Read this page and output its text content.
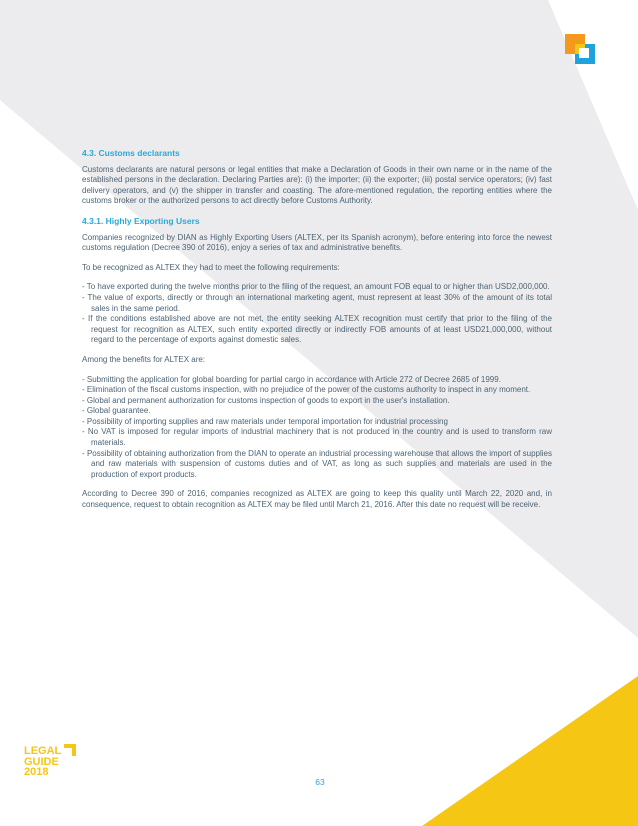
4.3. Customs declarants

Customs declarants are natural persons or legal entities that make a Declaration of Goods in their own name or in the name of the established persons in the declaration. Declaring Parties are): (i) the importer; (ii) the exporter; (iii) postal service operators; (iv) fast delivery operators, and (v) the shipper in transfer and coasting. The afore-mentioned regulation, the reporting entities where the customs broker or the authorized persons to act directly before Customs Authority.

4.3.1. Highly Exporting Users

Companies recognized by DIAN as Highly Exporting Users (ALTEX, per its Spanish acronym), before entering into force the newest customs regulation (Decree 390 of 2016), enjoy a series of tax and administrative benefits.

To be recognized as ALTEX they had to meet the following requirements:

- To have exported during the twelve months prior to the filing of the request, an amount FOB equal to or higher than USD2,000,000.
- The value of exports, directly or through an international marketing agent, must represent at least 30% of the amount of its total sales in the same period.
- If the conditions established above are not met, the entity seeking ALTEX recognition must certify that prior to the filing of the request for recognition as ALTEX, such entity exported directly or indirectly FOB amounts of at least USD21,000,000, without regard to the percentage of exports against domestic sales.

Among the benefits for ALTEX are:

- Submitting the application for global boarding for partial cargo in accordance with Article 272 of Decree 2685 of 1999.
- Elimination of the fiscal customs inspection, with no prejudice of the power of the customs authority to inspect in any moment.
- Global and permanent authorization for customs inspection of goods to export in the user's installation.
- Global guarantee.
- Possibility of importing supplies and raw materials under temporal importation for industrial processing
- No VAT is imposed for regular imports of industrial machinery that is not produced in the country and is used to transform raw materials.
- Possibility of obtaining authorization from the DIAN to operate an industrial processing warehouse that allows the import of supplies and raw materials with suspension of customs duties and of VAT, as long as such supplies and materials are used in the production of export products.

According to Decree 390 of 2016, companies recognized as ALTEX are going to keep this quality until March 22, 2020 and, in consequence, request to obtain recognition as ALTEX may be filed until March 21, 2016. After this date no request will be receive.

LEGAL
GUIDE
2018
63
